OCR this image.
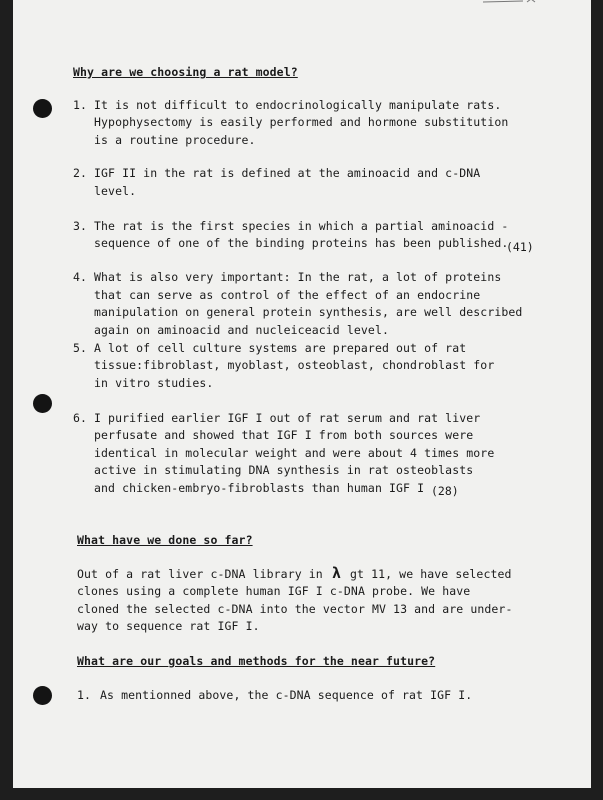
Why are we choosing a rat model?
1. It is not difficult to endocrinologically manipulate rats.
Hypophysectomy is easily performed and hormone substitution
is a routine procedure.
2. IGF II in the rat is defined at the aminoacid and c-DNA
level.
3. The rat is the first species in which a partial aminoacid -
sequence of one of the binding proteins has been published.
(41)
4. What is also very important: In the rat, a lot of proteins
that can serve as control of the effect of an endocrine
manipulation on general protein synthesis, are well described
again on aminoacid and nucleiceacid level.
5. A lot of cell culture systems are prepared out of rat
tissue:fibroblast, myoblast, osteoblast, chondroblast for
in vitro studies.
6. I purified earlier IGF I out of rat serum and rat liver
perfusate and showed that IGF I from both sources were
identical in molecular weight and were about 4 times more
active in stimulating DNA synthesis in rat osteoblasts
and chicken-embryo-fibroblasts than human IGF I (28)
What have we done so far?
Out of a rat liver c-DNA library in λ gt 11, we have selected
clones using a complete human IGF I c-DNA probe. We have
cloned the selected c-DNA into the vector MV 13 and are under-
way to sequence rat IGF I.
What are our goals and methods for the near future?
1. As mentionned above, the c-DNA sequence of rat IGF I.
